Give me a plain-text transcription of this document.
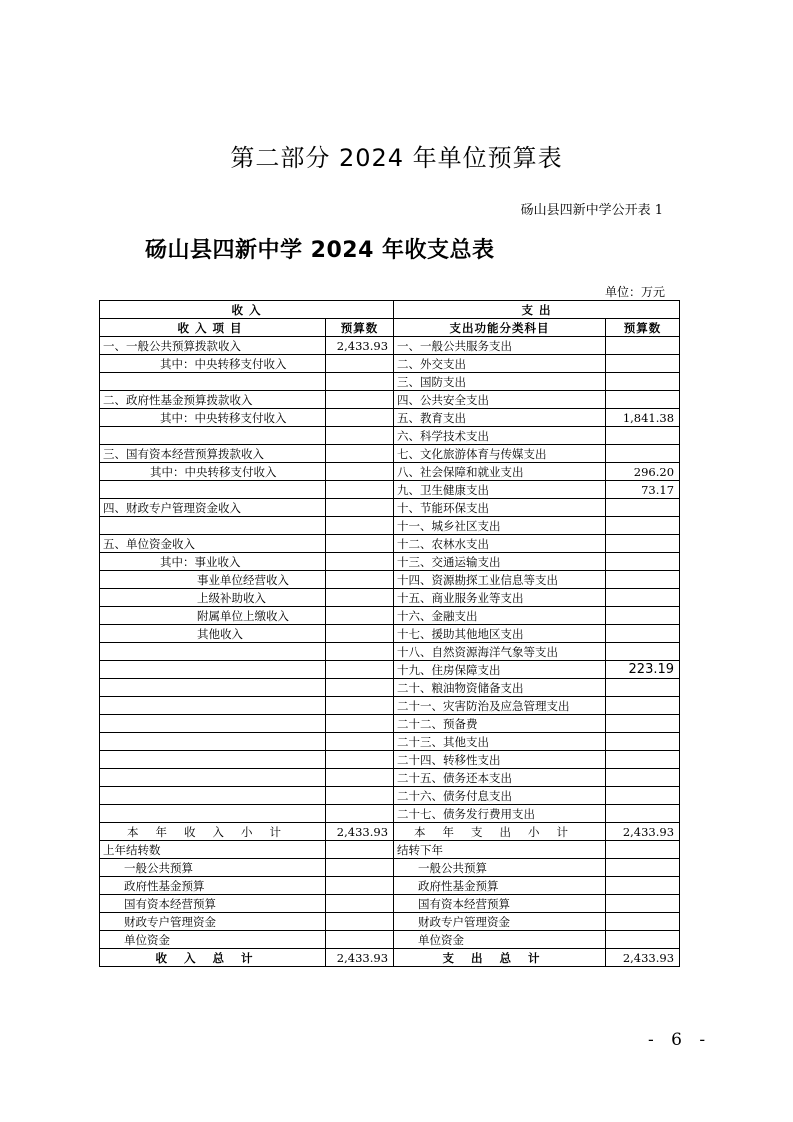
第二部分 2024 年单位预算表
砀山县四新中学公开表 1
砀山县四新中学 2024 年收支总表
单位：万元
收 入		支 出	
收入项目	预算数	支出功能分类科目	预算数
一、一般公共预算拨款收入	2,433.93	一、一般公共服务支出	
其中：中央转移支付收入		二、外交支出	
		三、国防支出	
二、政府性基金预算拨款收入		四、公共安全支出	
其中：中央转移支付收入		五、教育支出	1,841.38
		六、科学技术支出	
三、国有资本经营预算拨款收入		七、文化旅游体育与传媒支出	
其中：中央转移支付收入		八、社会保障和就业支出	296.20
		九、卫生健康支出	73.17
四、财政专户管理资金收入		十、节能环保支出	
		十一、城乡社区支出	
五、单位资金收入		十二、农林水支出	
其中：事业收入		十三、交通运输支出	
事业单位经营收入		十四、资源勘探工业信息等支出	
上级补助收入		十五、商业服务业等支出	
附属单位上缴收入		十六、金融支出	
其他收入		十七、援助其他地区支出	
		十八、自然资源海洋气象等支出	
		十九、住房保障支出	223.19
		二十、粮油物资储备支出	
		二十一、灾害防治及应急管理支出	
		二十二、预备费	
		二十三、其他支出	
		二十四、转移性支出	
		二十五、债务还本支出	
		二十六、债务付息支出	
		二十七、债务发行费用支出	
本年收入小计	2,433.93	本年支出小计	2,433.93
上年结转数		结转下年	
一般公共预算		一般公共预算	
政府性基金预算		政府性基金预算	
国有资本经营预算		国有资本经营预算	
财政专户管理资金		财政专户管理资金	
单位资金		单位资金	
收入总计	2,433.93	支出总计	2,433.93
- 6 -
